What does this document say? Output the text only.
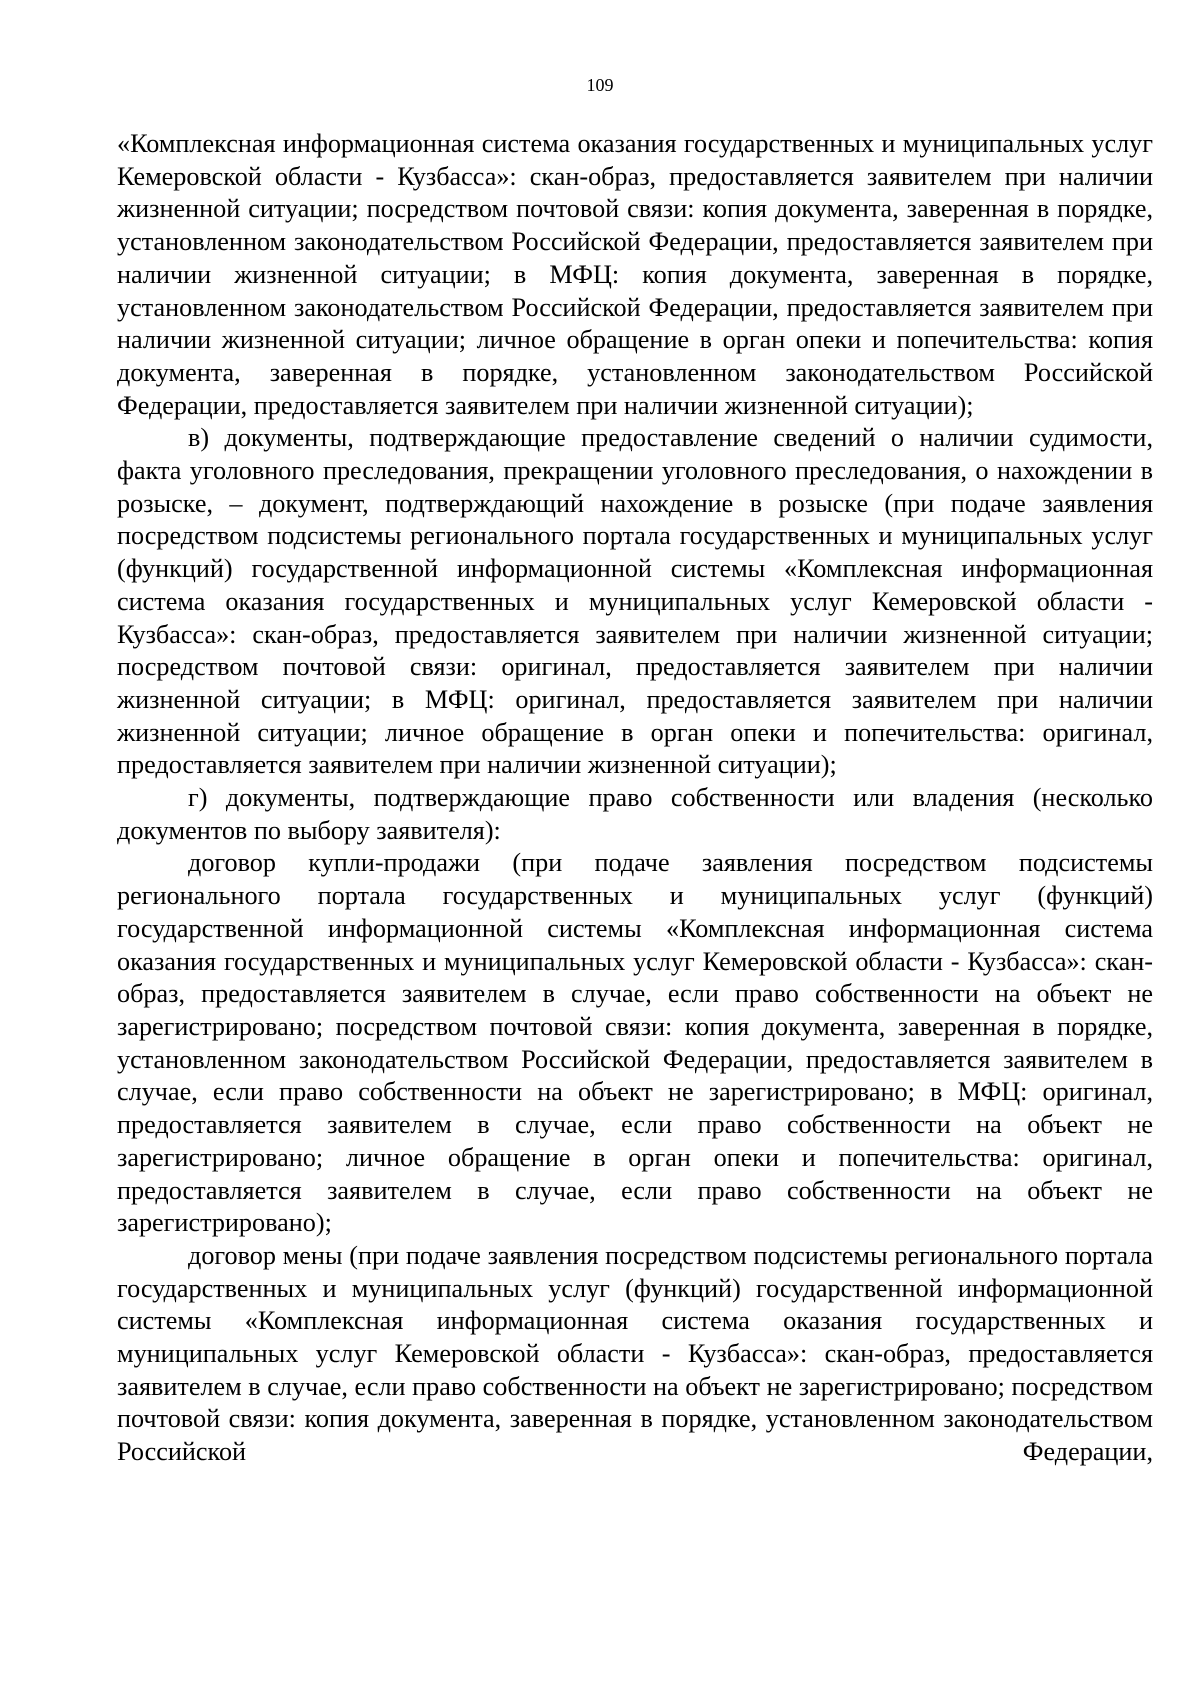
109

«Комплексная информационная система оказания государственных и муниципальных услуг Кемеровской области - Кузбасса»: скан-образ, предоставляется заявителем при наличии жизненной ситуации; посредством почтовой связи: копия документа, заверенная в порядке, установленном законодательством Российской Федерации, предоставляется заявителем при наличии жизненной ситуации; в МФЦ: копия документа, заверенная в порядке, установленном законодательством Российской Федерации, предоставляется заявителем при наличии жизненной ситуации; личное обращение в орган опеки и попечительства: копия документа, заверенная в порядке, установленном законодательством Российской Федерации, предоставляется заявителем при наличии жизненной ситуации);

в) документы, подтверждающие предоставление сведений о наличии судимости, факта уголовного преследования, прекращении уголовного преследования, о нахождении в розыске, – документ, подтверждающий нахождение в розыске (при подаче заявления посредством подсистемы регионального портала государственных и муниципальных услуг (функций) государственной информационной системы «Комплексная информационная система оказания государственных и муниципальных услуг Кемеровской области - Кузбасса»: скан-образ, предоставляется заявителем при наличии жизненной ситуации; посредством почтовой связи: оригинал, предоставляется заявителем при наличии жизненной ситуации; в МФЦ: оригинал, предоставляется заявителем при наличии жизненной ситуации; личное обращение в орган опеки и попечительства: оригинал, предоставляется заявителем при наличии жизненной ситуации);

г) документы, подтверждающие право собственности или владения (несколько документов по выбору заявителя):

договор купли-продажи (при подаче заявления посредством подсистемы регионального портала государственных и муниципальных услуг (функций) государственной информационной системы «Комплексная информационная система оказания государственных и муниципальных услуг Кемеровской области - Кузбасса»: скан-образ, предоставляется заявителем в случае, если право собственности на объект не зарегистрировано; посредством почтовой связи: копия документа, заверенная в порядке, установленном законодательством Российской Федерации, предоставляется заявителем в случае, если право собственности на объект не зарегистрировано; в МФЦ: оригинал, предоставляется заявителем в случае, если право собственности на объект не зарегистрировано; личное обращение в орган опеки и попечительства: оригинал, предоставляется заявителем в случае, если право собственности на объект не зарегистрировано);

договор мены (при подаче заявления посредством подсистемы регионального портала государственных и муниципальных услуг (функций) государственной информационной системы «Комплексная информационная система оказания государственных и муниципальных услуг Кемеровской области - Кузбасса»: скан-образ, предоставляется заявителем в случае, если право собственности на объект не зарегистрировано; посредством почтовой связи: копия документа, заверенная в порядке, установленном законодательством Российской Федерации,
